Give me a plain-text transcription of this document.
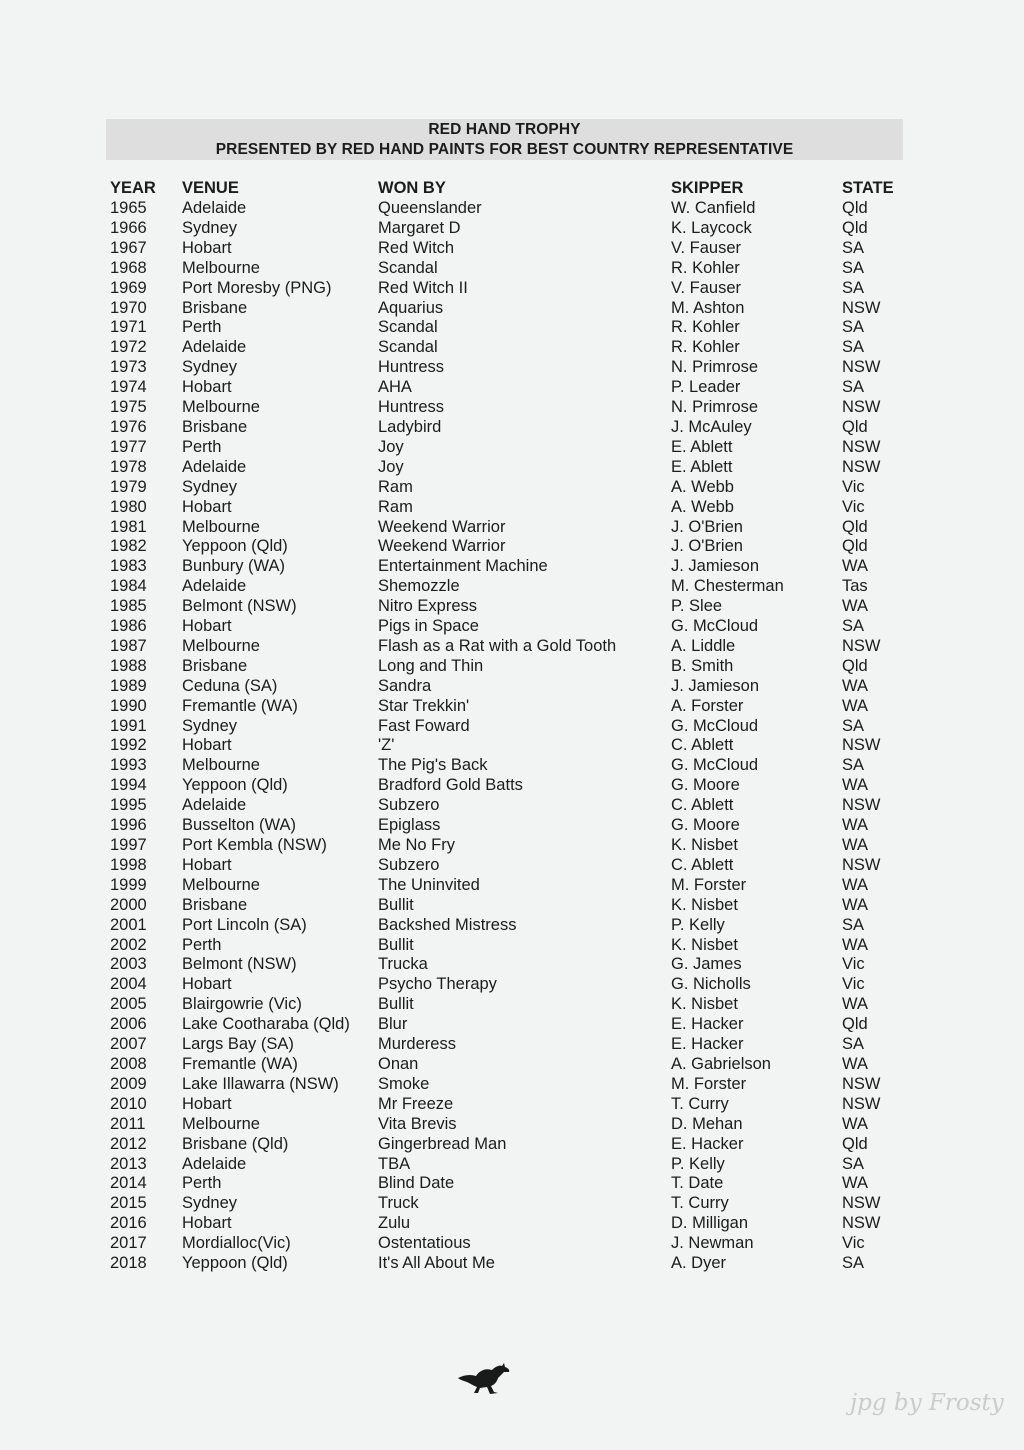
RED HAND TROPHY
PRESENTED BY RED HAND PAINTS FOR BEST COUNTRY REPRESENTATIVE
YEAR	VENUE	WON BY	SKIPPER	STATE
1965	Adelaide	Queenslander	W. Canfield	Qld
1966	Sydney	Margaret D	K. Laycock	Qld
1967	Hobart	Red Witch	V. Fauser	SA
1968	Melbourne	Scandal	R. Kohler	SA
1969	Port Moresby (PNG)	Red Witch II	V. Fauser	SA
1970	Brisbane	Aquarius	M. Ashton	NSW
1971	Perth	Scandal	R. Kohler	SA
1972	Adelaide	Scandal	R. Kohler	SA
1973	Sydney	Huntress	N. Primrose	NSW
1974	Hobart	AHA	P. Leader	SA
1975	Melbourne	Huntress	N. Primrose	NSW
1976	Brisbane	Ladybird	J. McAuley	Qld
1977	Perth	Joy	E. Ablett	NSW
1978	Adelaide	Joy	E. Ablett	NSW
1979	Sydney	Ram	A. Webb	Vic
1980	Hobart	Ram	A. Webb	Vic
1981	Melbourne	Weekend Warrior	J. O'Brien	Qld
1982	Yeppoon (Qld)	Weekend Warrior	J. O'Brien	Qld
1983	Bunbury (WA)	Entertainment Machine	J. Jamieson	WA
1984	Adelaide	Shemozzle	M. Chesterman	Tas
1985	Belmont (NSW)	Nitro Express	P. Slee	WA
1986	Hobart	Pigs in Space	G. McCloud	SA
1987	Melbourne	Flash as a Rat with a Gold Tooth	A. Liddle	NSW
1988	Brisbane	Long and Thin	B. Smith	Qld
1989	Ceduna (SA)	Sandra	J. Jamieson	WA
1990	Fremantle (WA)	Star Trekkin'	A. Forster	WA
1991	Sydney	Fast Foward	G. McCloud	SA
1992	Hobart	'Z'	C. Ablett	NSW
1993	Melbourne	The Pig's Back	G. McCloud	SA
1994	Yeppoon (Qld)	Bradford Gold Batts	G. Moore	WA
1995	Adelaide	Subzero	C. Ablett	NSW
1996	Busselton (WA)	Epiglass	G. Moore	WA
1997	Port Kembla (NSW)	Me No Fry	K. Nisbet	WA
1998	Hobart	Subzero	C. Ablett	NSW
1999	Melbourne	The Uninvited	M. Forster	WA
2000	Brisbane	Bullit	K. Nisbet	WA
2001	Port Lincoln (SA)	Backshed Mistress	P. Kelly	SA
2002	Perth	Bullit	K. Nisbet	WA
2003	Belmont (NSW)	Trucka	G. James	Vic
2004	Hobart	Psycho Therapy	G. Nicholls	Vic
2005	Blairgowrie (Vic)	Bullit	K. Nisbet	WA
2006	Lake Cootharaba (Qld)	Blur	E. Hacker	Qld
2007	Largs Bay (SA)	Murderess	E. Hacker	SA
2008	Fremantle (WA)	Onan	A. Gabrielson	WA
2009	Lake Illawarra (NSW)	Smoke	M. Forster	NSW
2010	Hobart	Mr Freeze	T. Curry	NSW
2011	Melbourne	Vita Brevis	D. Mehan	WA
2012	Brisbane (Qld)	Gingerbread Man	E. Hacker	Qld
2013	Adelaide	TBA	P. Kelly	SA
2014	Perth	Blind Date	T. Date	WA
2015	Sydney	Truck	T. Curry	NSW
2016	Hobart	Zulu	D. Milligan	NSW
2017	Mordialloc(Vic)	Ostentatious	J. Newman	Vic
2018	Yeppoon (Qld)	It's All About Me	A. Dyer	SA
jpg by Frosty
